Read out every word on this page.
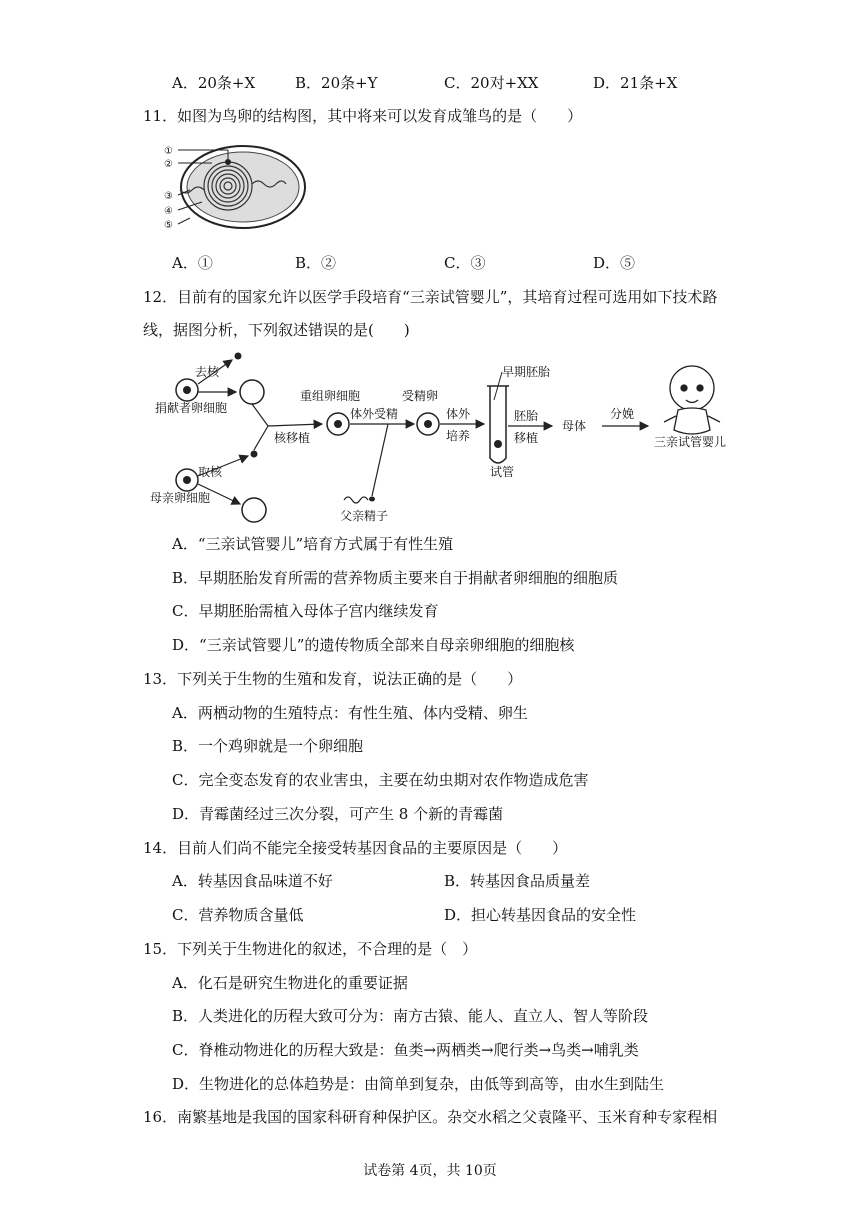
A．20条+X	B．20条+Y	C．20对+XX	D．21条+X
11．如图为鸟卵的结构图，其中将来可以发育成雏鸟的是（　　）
①
②
③
④
⑤
A．①	B．②	C．③	D．⑤
12．目前有的国家允许以医学手段培育“三亲试管婴儿”，其培育过程可选用如下技术路
线，据图分析，下列叙述错误的是(　　)
捐献者卵细胞
去核
母亲卵细胞
取核
核移植
重组卵细胞
体外受精
父亲精子
受精卵
体外
培养
早期胚胎
试管
胚胎
移植
母体
分娩
三亲试管婴儿
A．“三亲试管婴儿”培育方式属于有性生殖
B．早期胚胎发育所需的营养物质主要来自于捐献者卵细胞的细胞质
C．早期胚胎需植入母体子宫内继续发育
D．“三亲试管婴儿”的遗传物质全部来自母亲卵细胞的细胞核
13．下列关于生物的生殖和发育，说法正确的是（　　）
A．两栖动物的生殖特点：有性生殖、体内受精、卵生
B．一个鸡卵就是一个卵细胞
C．完全变态发育的农业害虫，主要在幼虫期对农作物造成危害
D．青霉菌经过三次分裂，可产生 8 个新的青霉菌
14．目前人们尚不能完全接受转基因食品的主要原因是（　　）
A．转基因食品味道不好	B．转基因食品质量差
C．营养物质含量低	D．担心转基因食品的安全性
15．下列关于生物进化的叙述，不合理的是（　）
A．化石是研究生物进化的重要证据
B．人类进化的历程大致可分为：南方古猿、能人、直立人、智人等阶段
C．脊椎动物进化的历程大致是：鱼类→两栖类→爬行类→鸟类→哺乳类
D．生物进化的总体趋势是：由简单到复杂，由低等到高等，由水生到陆生
16．南繁基地是我国的国家科研育种保护区。杂交水稻之父袁隆平、玉米育种专家程相
试卷第 4页，共 10页
